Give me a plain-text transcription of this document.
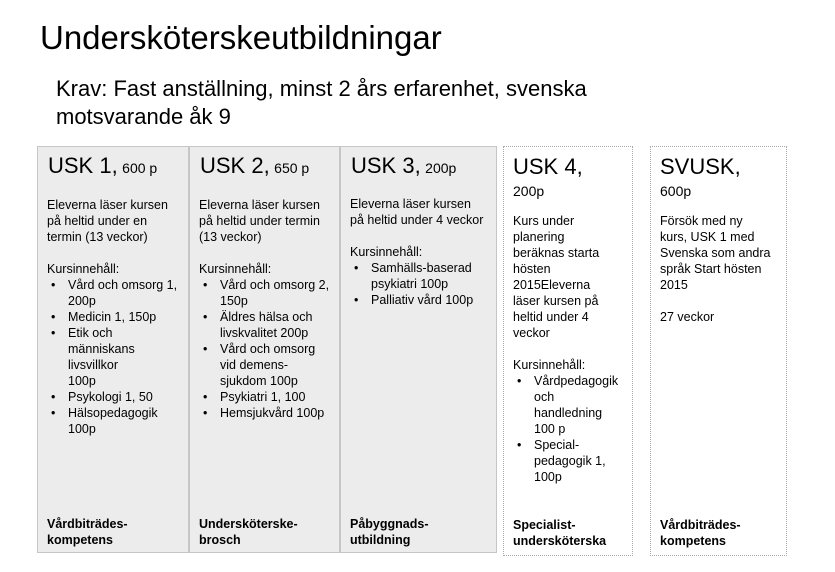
Undersköterskeutbildningar
Krav: Fast anställning, minst 2 års erfarenhet, svenska motsvarande åk 9
USK 1, 600 p

Eleverna läser kursen på heltid under en termin (13 veckor)

Kursinnehåll:

• Vård och omsorg 1, 200p
• Medicin 1, 150p
• Etik och människans livsvillkor 100p
• Psykologi 1, 50
• Hälsopedagogik 100p
Vårdbiträdes-kompetens
USK 2, 650 p

Eleverna läser kursen på heltid under termin (13 veckor)

Kursinnehåll:

• Vård och omsorg 2, 150p
• Äldres hälsa och livskvalitet 200p
• Vård och omsorg vid demens-sjukdom 100p
• Psykiatri 1, 100
• Hemsjukvård 100p
Undersköterske-brosch
USK 3, 200p

Eleverna läser kursen på heltid under 4 veckor

Kursinnehåll:

• Samhälls-baserad psykiatri 100p
• Palliativ vård 100p
Påbyggnads-utbildning
USK 4,
200p

Kurs under planering beräknas starta hösten 2015Eleverna läser kursen på heltid under 4 veckor

Kursinnehåll:

• Vårdpedagogik och handledning 100 p
• Special-pedagogik 1, 100p
Specialist-undersköterska
SVUSK,
600p

Försök med ny kurs, USK 1 med Svenska som andra språk Start hösten 2015

27 veckor

Vårdbiträdes-kompetens
